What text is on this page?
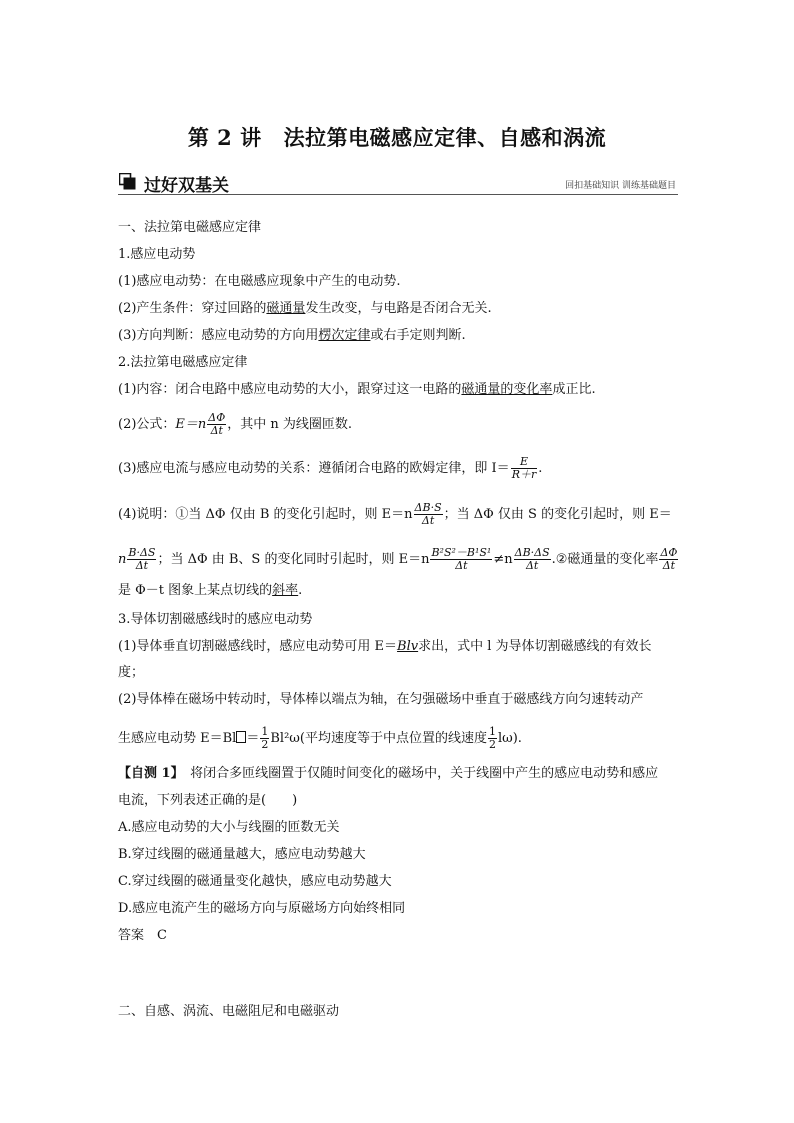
第 2 讲 法拉第电磁感应定律、自感和涡流
过好双基关	回扣基础知识 训练基础题目
一、法拉第电磁感应定律
1.感应电动势
(1)感应电动势：在电磁感应现象中产生的电动势.
(2)产生条件：穿过回路的磁通量发生改变，与电路是否闭合无关.
(3)方向判断：感应电动势的方向用楞次定律或右手定则判断.
2.法拉第电磁感应定律
(1)内容：闭合电路中感应电动势的大小，跟穿过这一电路的磁通量的变化率成正比.
(2)公式：$E=n \frac{\Delta\Phi}{\Delta t}$ ，其中 n 为线圈匝数.
(3)感应电流与感应电动势的关系：遵循闭合电路的欧姆定律，即 $I= \frac{E}{R+r}$ .
(4)说明：①当 ΔΦ 仅由 B 的变化引起时，则 $E=n \frac{\Delta B\cdot S}{\Delta t}$ ；当 ΔΦ 仅由 S 的变化引起时，则 E＝
n $\frac{B\cdot\Delta S}{\Delta t}$ ；当 ΔΦ 由 B、S 的变化同时引起时，则 $E=n \frac{\text{B²S²－B¹S¹}}{\Delta t} \ne n \frac{\Delta B\cdot\Delta S}{\Delta t}$ .②磁通量的变化率 $\frac{\Delta\Phi}{\Delta t}$
是 Φ－t 图象上某点切线的斜率.
3.导体切割磁感线时的感应电动势
(1)导体垂直切割磁感线时，感应电动势可用 E＝Blv求出，式中 l 为导体切割磁感线的有效长
度；
(2)导体棒在磁场中转动时，导体棒以端点为轴，在匀强磁场中垂直于磁感线方向匀速转动产
生感应电动势 $E=Bl = \frac{1}{2} Bl^2\omega$(平均速度等于中点位置的线速度 $\frac{1}{2} l\omega$).
【自测 1】　 将闭合多匝线圈置于仅随时间变化的磁场中，关于线圈中产生的感应电动势和感应
电流，下列表述正确的是(　　)
A.感应电动势的大小与线圈的匝数无关
B.穿过线圈的磁通量越大，感应电动势越大
C.穿过线圈的磁通量变化越快，感应电动势越大
D.感应电流产生的磁场方向与原磁场方向始终相同
答案　C
二、自感、涡流、电磁阻尼和电磁驱动
